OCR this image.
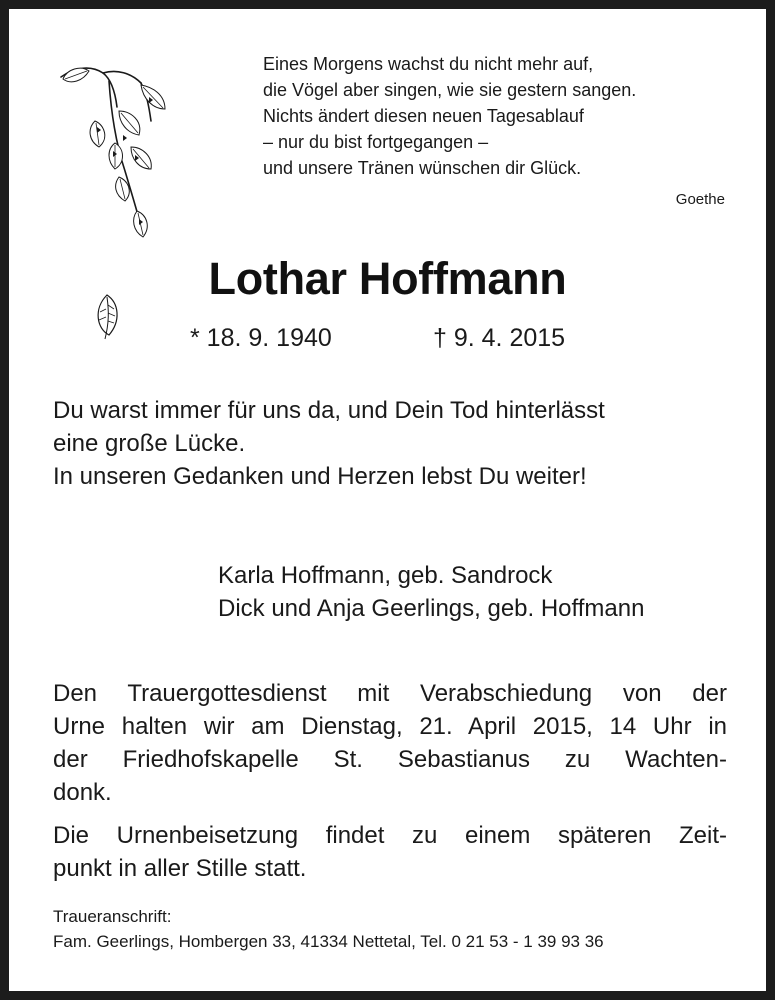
Eines Morgens wachst du nicht mehr auf,
die Vögel aber singen, wie sie gestern sangen.
Nichts ändert diesen neuen Tagesablauf
– nur du bist fortgegangen –
und unsere Tränen wünschen dir Glück.
Goethe
Lothar Hoffmann
* 18. 9. 1940	† 9. 4. 2015
Du warst immer für uns da, und Dein Tod hinterlässt
eine große Lücke.
In unseren Gedanken und Herzen lebst Du weiter!
Karla Hoffmann, geb. Sandrock
Dick und Anja Geerlings, geb. Hoffmann
Den Trauergottesdienst mit Verabschiedung von der
Urne halten wir am Dienstag, 21. April 2015, 14 Uhr in
der Friedhofskapelle St. Sebastianus zu Wachten-
donk.
Die Urnenbeisetzung findet zu einem späteren Zeit-
punkt in aller Stille statt.
Traueranschrift:
Fam. Geerlings, Hombergen 33, 41334 Nettetal, Tel. 0 21 53 - 1 39 93 36
